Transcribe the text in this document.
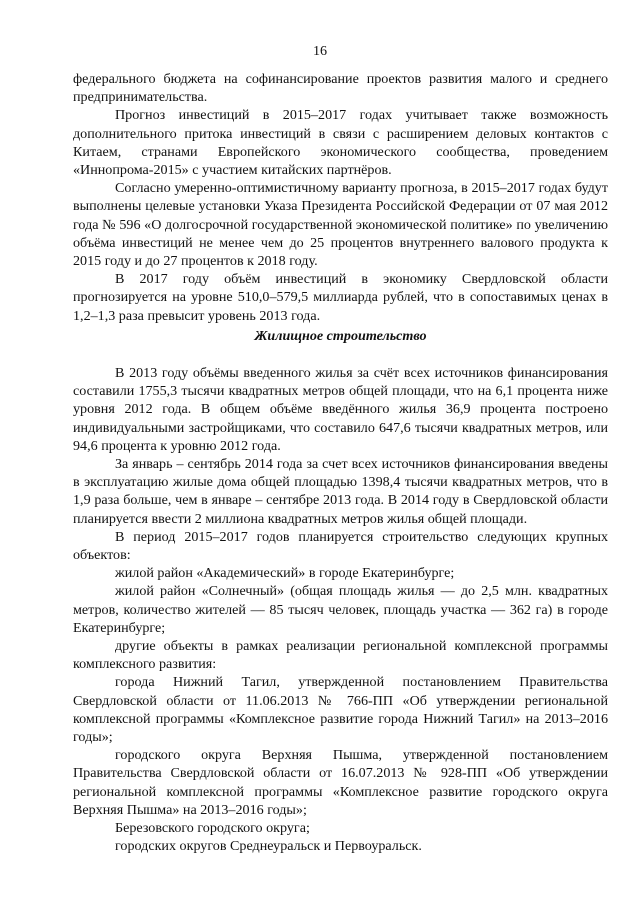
16

федерального бюджета на софинансирование проектов развития малого и среднего предпринимательства.

Прогноз инвестиций в 2015–2017 годах учитывает также возможность дополнительного притока инвестиций в связи с расширением деловых контактов с Китаем, странами Европейского экономического сообщества, проведением «Иннопрома-2015» с участием китайских партнёров.

Согласно умеренно-оптимистичному варианту прогноза, в 2015–2017 годах будут выполнены целевые установки Указа Президента Российской Федерации от 07 мая 2012 года № 596 «О долгосрочной государственной экономической политике» по увеличению объёма инвестиций не менее чем до 25 процентов внутреннего валового продукта к 2015 году и до 27 процентов к 2018 году.

В 2017 году объём инвестиций в экономику Свердловской области прогнозируется на уровне 510,0–579,5 миллиарда рублей, что в сопоставимых ценах в 1,2–1,3 раза превысит уровень 2013 года.

Жилищное строительство

В 2013 году объёмы введенного жилья за счёт всех источников финансирования составили 1755,3 тысячи квадратных метров общей площади, что на 6,1 процента ниже уровня 2012 года. В общем объёме введённого жилья 36,9 процента построено индивидуальными застройщиками, что составило 647,6 тысячи квадратных метров, или 94,6 процента к уровню 2012 года.

За январь – сентябрь 2014 года за счет всех источников финансирования введены в эксплуатацию жилые дома общей площадью 1398,4 тысячи квадратных метров, что в 1,9 раза больше, чем в январе – сентябре 2013 года. В 2014 году в Свердловской области планируется ввести 2 миллиона квадратных метров жилья общей площади.

В период 2015–2017 годов планируется строительство следующих крупных объектов:

жилой район «Академический» в городе Екатеринбурге;

жилой район «Солнечный» (общая площадь жилья — до 2,5 млн. квадратных метров, количество жителей — 85 тысяч человек, площадь участка — 362 га) в городе Екатеринбурге;

другие объекты в рамках реализации региональной комплексной программы комплексного развития:

города Нижний Тагил, утвержденной постановлением Правительства Свердловской области от 11.06.2013 № 766-ПП «Об утверждении региональной комплексной программы «Комплексное развитие города Нижний Тагил» на 2013–2016 годы»;

городского округа Верхняя Пышма, утвержденной постановлением Правительства Свердловской области от 16.07.2013 № 928-ПП «Об утверждении региональной комплексной программы «Комплексное развитие городского округа Верхняя Пышма» на 2013–2016 годы»;

Березовского городского округа;

городских округов Среднеуральск и Первоуральск.
